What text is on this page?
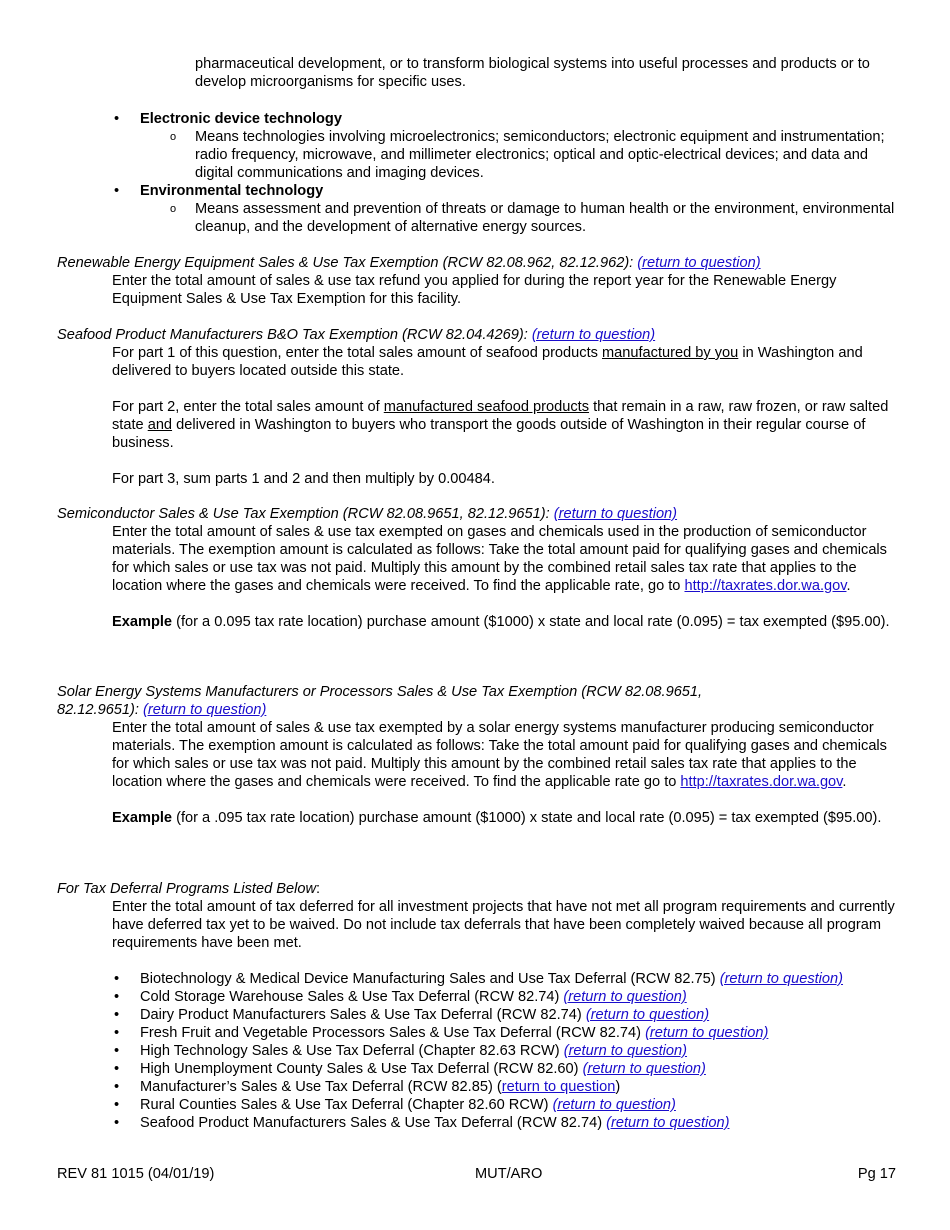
pharmaceutical development, or to transform biological systems into useful processes and products or to develop microorganisms for specific uses.

• Electronic device technology
o Means technologies involving microelectronics; semiconductors; electronic equipment and instrumentation; radio frequency, microwave, and millimeter electronics; optical and optic-electrical devices; and data and digital communications and imaging devices.
• Environmental technology
o Means assessment and prevention of threats or damage to human health or the environment, environmental cleanup, and the development of alternative energy sources.

Renewable Energy Equipment Sales & Use Tax Exemption (RCW 82.08.962, 82.12.962): (return to question)

Enter the total amount of sales & use tax refund you applied for during the report year for the Renewable Energy Equipment Sales & Use Tax Exemption for this facility.

Seafood Product Manufacturers B&O Tax Exemption (RCW 82.04.4269): (return to question)

For part 1 of this question, enter the total sales amount of seafood products manufactured by you in Washington and delivered to buyers located outside this state.

For part 2, enter the total sales amount of manufactured seafood products that remain in a raw, raw frozen, or raw salted state and delivered in Washington to buyers who transport the goods outside of Washington in their regular course of business.

For part 3, sum parts 1 and 2 and then multiply by 0.00484.

Semiconductor Sales & Use Tax Exemption (RCW 82.08.9651, 82.12.9651): (return to question)

Enter the total amount of sales & use tax exempted on gases and chemicals used in the production of semiconductor materials. The exemption amount is calculated as follows: Take the total amount paid for qualifying gases and chemicals for which sales or use tax was not paid. Multiply this amount by the combined retail sales tax rate that applies to the location where the gases and chemicals were received. To find the applicable rate, go to http://taxrates.dor.wa.gov.

Example (for a 0.095 tax rate location) purchase amount ($1000) x state and local rate (0.095) = tax exempted ($95.00).

Solar Energy Systems Manufacturers or Processors Sales & Use Tax Exemption (RCW 82.08.9651, 82.12.9651): (return to question)

Enter the total amount of sales & use tax exempted by a solar energy systems manufacturer producing semiconductor materials. The exemption amount is calculated as follows: Take the total amount paid for qualifying gases and chemicals for which sales or use tax was not paid. Multiply this amount by the combined retail sales tax rate that applies to the location where the gases and chemicals were received. To find the applicable rate go to http://taxrates.dor.wa.gov.

Example (for a .095 tax rate location) purchase amount ($1000) x state and local rate (0.095) = tax exempted ($95.00).

For Tax Deferral Programs Listed Below:

Enter the total amount of tax deferred for all investment projects that have not met all program requirements and currently have deferred tax yet to be waived. Do not include tax deferrals that have been completely waived because all program requirements have been met.

• Biotechnology & Medical Device Manufacturing Sales and Use Tax Deferral (RCW 82.75) (return to question)
• Cold Storage Warehouse Sales & Use Tax Deferral (RCW 82.74) (return to question)
• Dairy Product Manufacturers Sales & Use Tax Deferral (RCW 82.74) (return to question)
• Fresh Fruit and Vegetable Processors Sales & Use Tax Deferral (RCW 82.74) (return to question)
• High Technology Sales & Use Tax Deferral (Chapter 82.63 RCW) (return to question)
• High Unemployment County Sales & Use Tax Deferral (RCW 82.60) (return to question)
• Manufacturer’s Sales & Use Tax Deferral (RCW 82.85) (return to question)
• Rural Counties Sales & Use Tax Deferral (Chapter 82.60 RCW) (return to question)
• Seafood Product Manufacturers Sales & Use Tax Deferral (RCW 82.74) (return to question)
REV 81 1015 (04/01/19)	MUT/ARO	Pg 17
